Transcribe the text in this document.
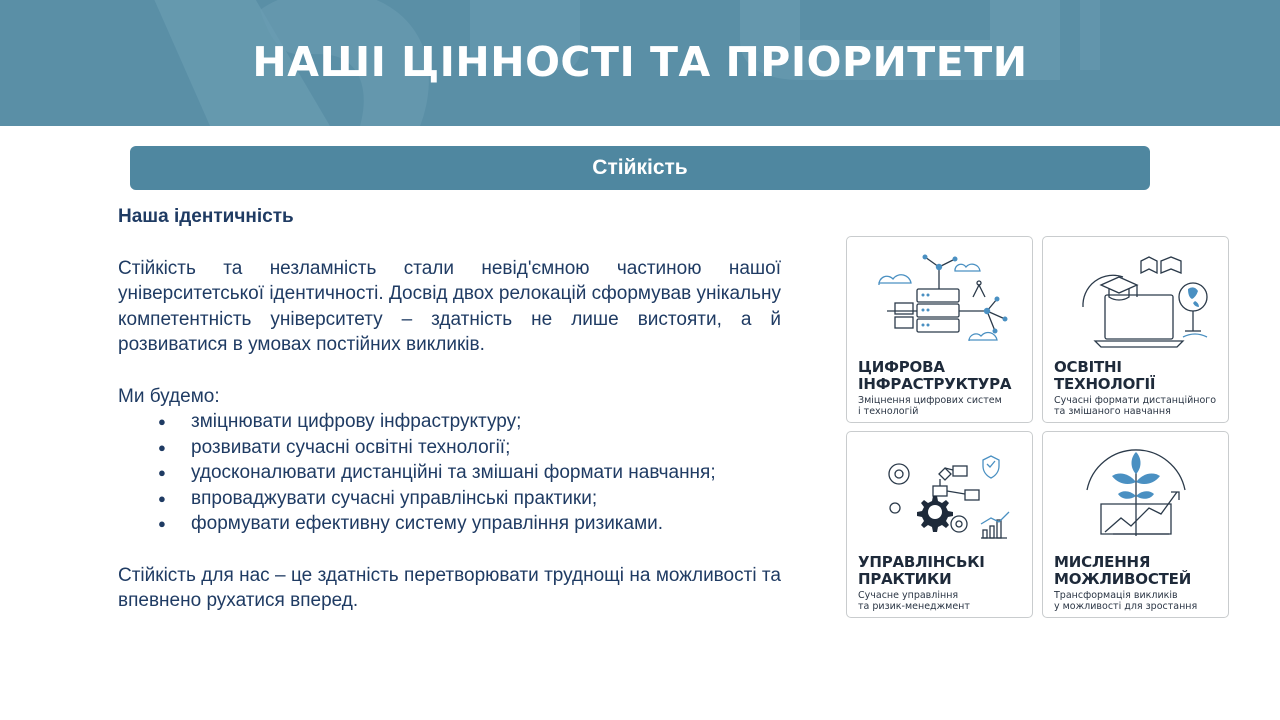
НАШІ ЦІННОСТІ ТА ПРІОРИТЕТИ
Стійкість

Наша ідентичність

Стійкість та незламність стали невід'ємною частиною нашої університетської ідентичності. Досвід двох релокацій сформував унікальну компетентність університету – здатність не лише вистояти, а й розвиватися в умовах постійних викликів.

Ми будемо:

● зміцнювати цифрову інфраструктуру;
● розвивати сучасні освітні технології;
● удосконалювати дистанційні та змішані формати навчання;
● впроваджувати сучасні управлінські практики;
● формувати ефективну систему управління ризиками.

Стійкість для нас – це здатність перетворювати труднощі на можливості та впевнено рухатися вперед.

ЦИФРОВА
ІНФРАСТРУКТУРА
Зміцнення цифрових систем
і технологій
ОСВІТНІ
ТЕХНОЛОГІЇ
Сучасні формати дистанційного
та змішаного навчання
УПРАВЛІНСЬКІ
ПРАКТИКИ
Сучасне управління
та ризик-менеджмент
МИСЛЕННЯ
МОЖЛИВОСТЕЙ
Трансформація викликів
у можливості для зростання
